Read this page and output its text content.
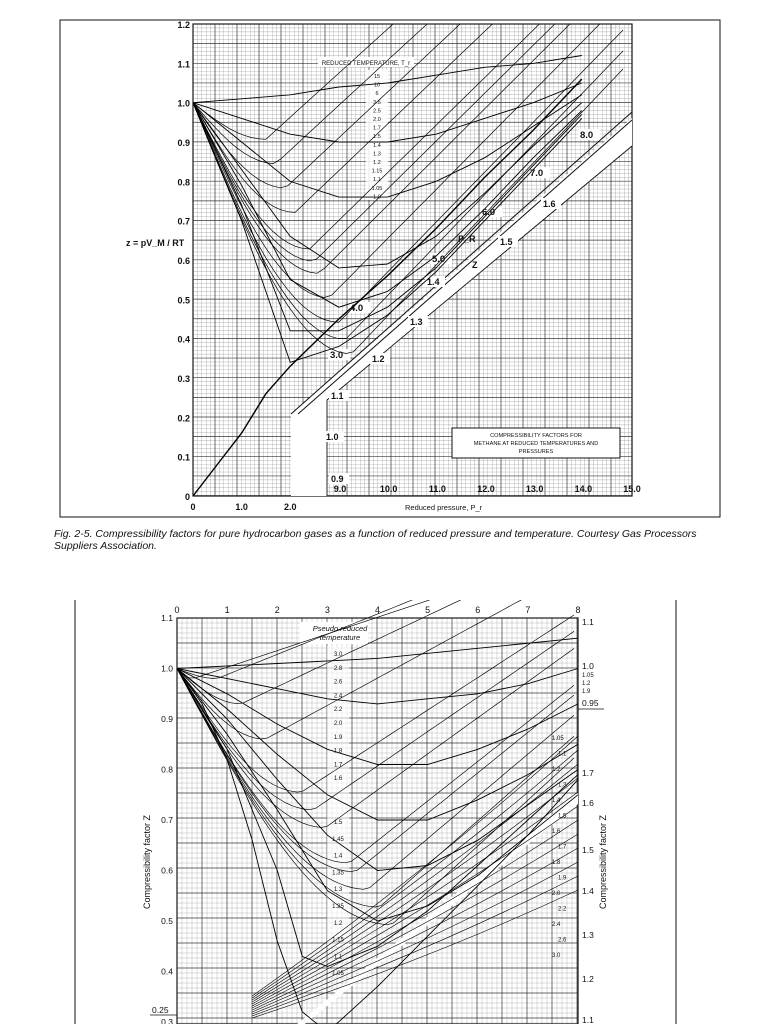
REDUCED TEMPERATURE, T_r
15
10
6
3.5
2.5
2.0
1.7
1.5
1.4
1.3
1.2
1.15
1.1
1.05
1.0
0
0.1
0.2
0.3
0.4
0.5
0.6
0.7
0.8
0.9
1.0
1.1
1.2
z = pV_M / RT
0	1.0	2.0
3.0
4.0
5.0
6.0
7.0
8.0
P_R
9.0	10.0	11.0	12.0	13.0	14.0	15.0
0.9
1.0
1.1
1.2
1.3
1.4
1.5
1.6
Z
COMPRESSIBILITY FACTORS FOR
METHANE AT REDUCED TEMPERATURES AND
PRESSURES
Reduced pressure, P_r
Fig. 2-5. Compressibility factors for pure hydrocarbon gases as a function of reduced pressure and temperature. Courtesy Gas Processors Suppliers Association.
0	1	2	3	4	5	6	7	8
1.1
1.0
0.9
0.8
0.7
0.6
0.5
0.4
0.3
0.25
1.1
1.0
1.05
1.2
1.9
0.95
1.7
1.6
1.5
1.4
1.3
1.2
1.1
Compressibility factor Z	Compressibility factor Z
Pseudo reduced
temperature
3.0
2.8
2.6
2.4
2.2
2.0
1.9
1.8
1.7
1.6
1.5
1.45
1.4
1.35
1.3
1.25
1.2
1.15
1.1
1.05
1.05
1.1
1.2
1.3
1.4
1.5
1.6
1.7
1.8
1.9
2.0
2.2
2.4
2.6
3.0
